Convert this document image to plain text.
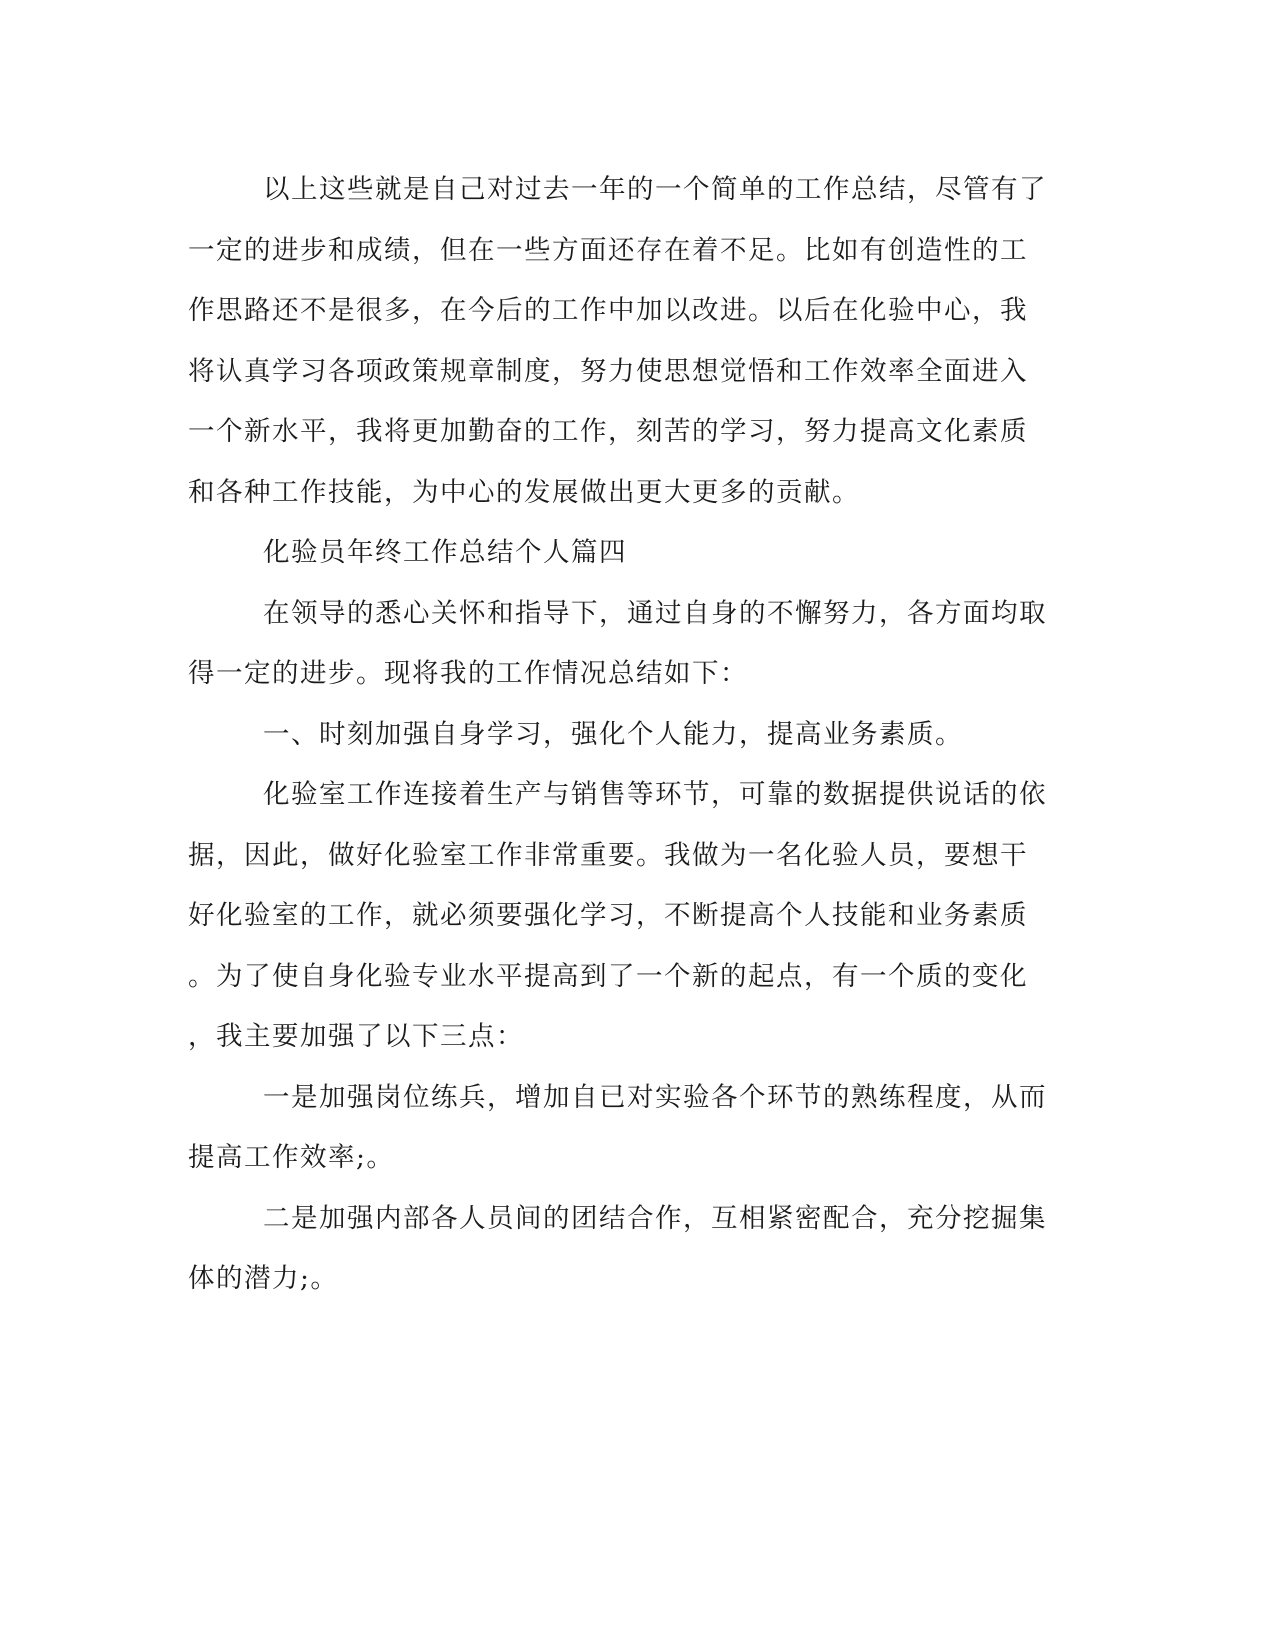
以上这些就是自己对过去一年的一个简单的工作总结，尽管有了
一定的进步和成绩，但在一些方面还存在着不足。比如有创造性的工
作思路还不是很多，在今后的工作中加以改进。以后在化验中心，我
将认真学习各项政策规章制度，努力使思想觉悟和工作效率全面进入
一个新水平，我将更加勤奋的工作，刻苦的学习，努力提高文化素质
和各种工作技能，为中心的发展做出更大更多的贡献。
化验员年终工作总结个人篇四
在领导的悉心关怀和指导下，通过自身的不懈努力，各方面均取
得一定的进步。现将我的工作情况总结如下：
一、时刻加强自身学习，强化个人能力，提高业务素质。
化验室工作连接着生产与销售等环节，可靠的数据提供说话的依
据，因此，做好化验室工作非常重要。我做为一名化验人员，要想干
好化验室的工作，就必须要强化学习，不断提高个人技能和业务素质
。为了使自身化验专业水平提高到了一个新的起点，有一个质的变化
，我主要加强了以下三点：
一是加强岗位练兵，增加自已对实验各个环节的熟练程度，从而
提高工作效率;。
二是加强内部各人员间的团结合作，互相紧密配合，充分挖掘集
体的潜力;。
